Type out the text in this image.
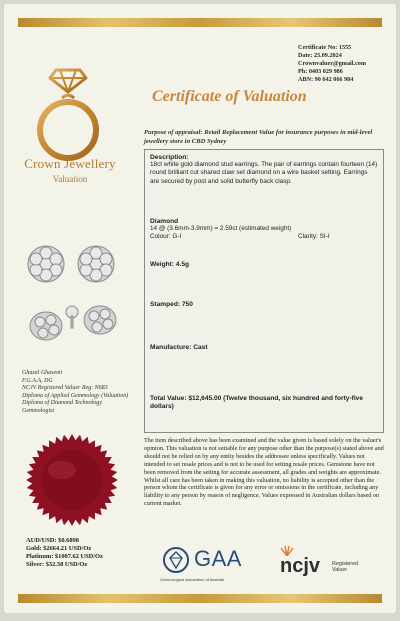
Crown Jewellery
Valuation
Certificate No: 1555
Date: 25.09.2024
Crownvaluer@gmail.com
Ph: 0403 029 986
ABN: 90 642 066 984
Certificate of Valuation
Purpose of appraisal: Retail Replacement Value for insurance purposes in mid-level jewellery store in CBD Sydney
Description:
18ct white gold diamond stud earrings. The pair of earrings contain fourteen (14) round brilliant cut shared claw set diamond on a wire basket setting. Earrings are secured by post and solid butterfly back clasp.
Diamond
14 @ (3.6mm-3.9mm) = 2.59ct (estimated weight)
Colour: G-I	Clarity: SI-I
Weight: 4.5g
Stamped: 750
Manufacture: Cast
Total Value: $12,645.00 (Twelve thousand, six hundred and forty-five dollars)
Ghazal Ghasemi
F.G.A.A, DG
NCJV Registered Valuer Reg: N683
Diploma of Applied Gemmology (Valuation)
Diploma of Diamond Technology
Gemmologist
The item described above has been examined and the value given is based solely on the valuer's opinion. This valuation is not suitable for any purpose other than the purpose(s) stated above and should not be relied on by any entity besides the addressee unless specifically. Values not intended to set resale prices and is not to be used for setting resale prices. Gemstone have not been removed from the setting for accurate assessment, all grades and weights are approximate. Whilst all care has been taken in making this valuation, no liability is accepted other than the person whom the certificate is given for any error or omissions in the certificate, including any liability to any person by reason of negligence. Values expressed in Australian dollars based on current market.
AUD/USD: $0.6898
Gold: $2664.21 USD/Oz
Platinum: $1007.62 USD/Oz
Silver: $32.38 USD/Oz	GAA
Gemmological Association of Australia
ncjv Registered
Valuer
